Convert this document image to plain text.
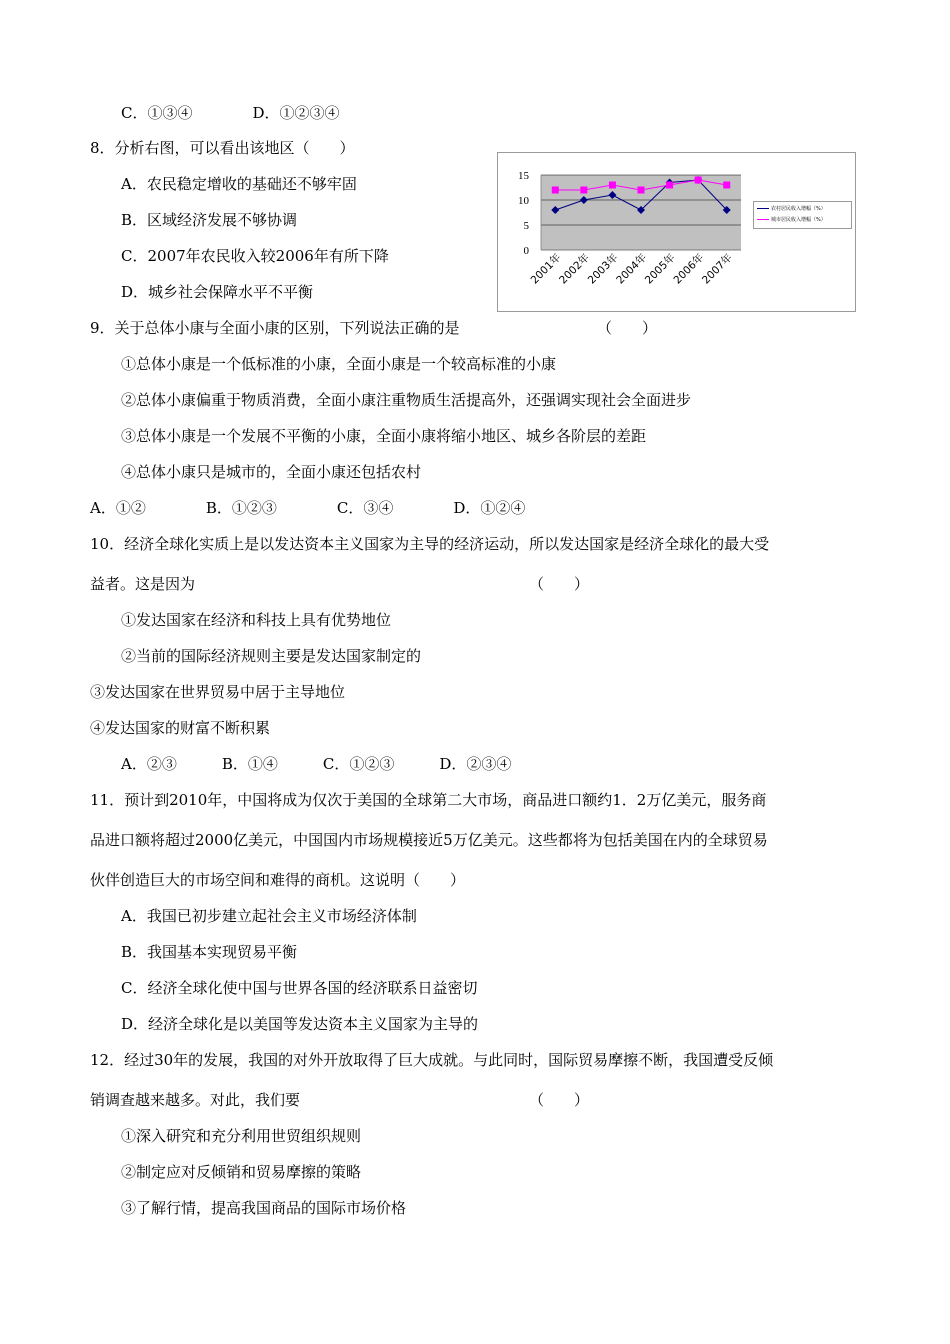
C．①③④　　　　D．①②③④
8．分析右图，可以看出该地区（　　）
A．农民稳定增收的基础还不够牢固
B．区域经济发展不够协调
C．2007年农民收入较2006年有所下降
D．城乡社会保障水平不平衡
0
5
10
15
2001年
2002年
2003年
2004年
2005年
2006年
2007年
农村居民收入增幅（%）
城市居民收入增幅（%）
9．关于总体小康与全面小康的区别，下列说法正确的是	（　　）
①总体小康是一个低标准的小康，全面小康是一个较高标准的小康
②总体小康偏重于物质消费，全面小康注重物质生活提高外，还强调实现社会全面进步
③总体小康是一个发展不平衡的小康，全面小康将缩小地区、城乡各阶层的差距
④总体小康只是城市的，全面小康还包括农村
A．①②　　　　B．①②③　　　　C．③④　　　　D．①②④
10．经济全球化实质上是以发达资本主义国家为主导的经济运动，所以发达国家是经济全球化的最大受
益者。这是因为	（　　）
①发达国家在经济和科技上具有优势地位
②当前的国际经济规则主要是发达国家制定的
③发达国家在世界贸易中居于主导地位
④发达国家的财富不断积累
A．②③　　　B．①④　　　C．①②③　　　D．②③④
11．预计到2010年，中国将成为仅次于美国的全球第二大市场，商品进口额约1．2万亿美元，服务商
品进口额将超过2000亿美元，中国国内市场规模接近5万亿美元。这些都将为包括美国在内的全球贸易
伙伴创造巨大的市场空间和难得的商机。这说明（　　）
A．我国已初步建立起社会主义市场经济体制
B．我国基本实现贸易平衡
C．经济全球化使中国与世界各国的经济联系日益密切
D．经济全球化是以美国等发达资本主义国家为主导的
12．经过30年的发展，我国的对外开放取得了巨大成就。与此同时，国际贸易摩擦不断，我国遭受反倾
销调查越来越多。对此，我们要	（　　）
①深入研究和充分利用世贸组织规则
②制定应对反倾销和贸易摩擦的策略
③了解行情，提高我国商品的国际市场价格
